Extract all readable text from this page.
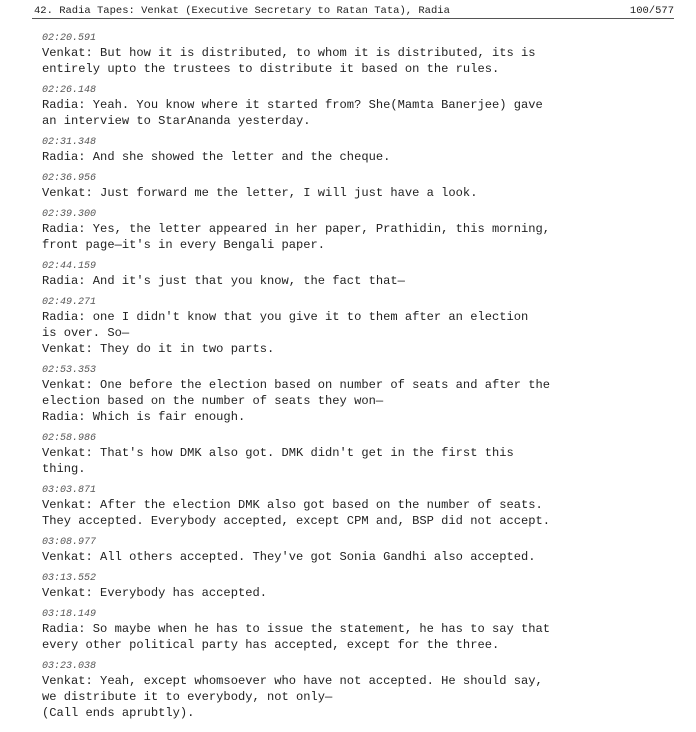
42. Radia Tapes: Venkat (Executive Secretary to Ratan Tata), Radia	100/577
02:20.591
Venkat: But how it is distributed, to whom it is distributed, its is
entirely upto the trustees to distribute it based on the rules.
02:26.148
Radia: Yeah. You know where it started from? She(Mamta Banerjee) gave
an interview to StarAnanda yesterday.
02:31.348
Radia: And she showed the letter and the cheque.
02:36.956
Venkat: Just forward me the letter, I will just have a look.
02:39.300
Radia: Yes, the letter appeared in her paper, Prathidin, this morning,
front page—it's in every Bengali paper.
02:44.159
Radia: And it's just that you know, the fact that—
02:49.271
Radia: one I didn't know that you give it to them after an election
is over. So—
Venkat: They do it in two parts.
02:53.353
Venkat: One before the election based on number of seats and after the
election based on the number of seats they won—
Radia: Which is fair enough.
02:58.986
Venkat: That's how DMK also got. DMK didn't get in the first this
thing.
03:03.871
Venkat: After the election DMK also got based on the number of seats.
They accepted. Everybody accepted, except CPM and, BSP did not accept.
03:08.977
Venkat: All others accepted. They've got Sonia Gandhi also accepted.
03:13.552
Venkat: Everybody has accepted.
03:18.149
Radia: So maybe when he has to issue the statement, he has to say that
every other political party has accepted, except for the three.
03:23.038
Venkat: Yeah, except whomsoever who have not accepted. He should say,
we distribute it to everybody, not only—
(Call ends aprubtly).
